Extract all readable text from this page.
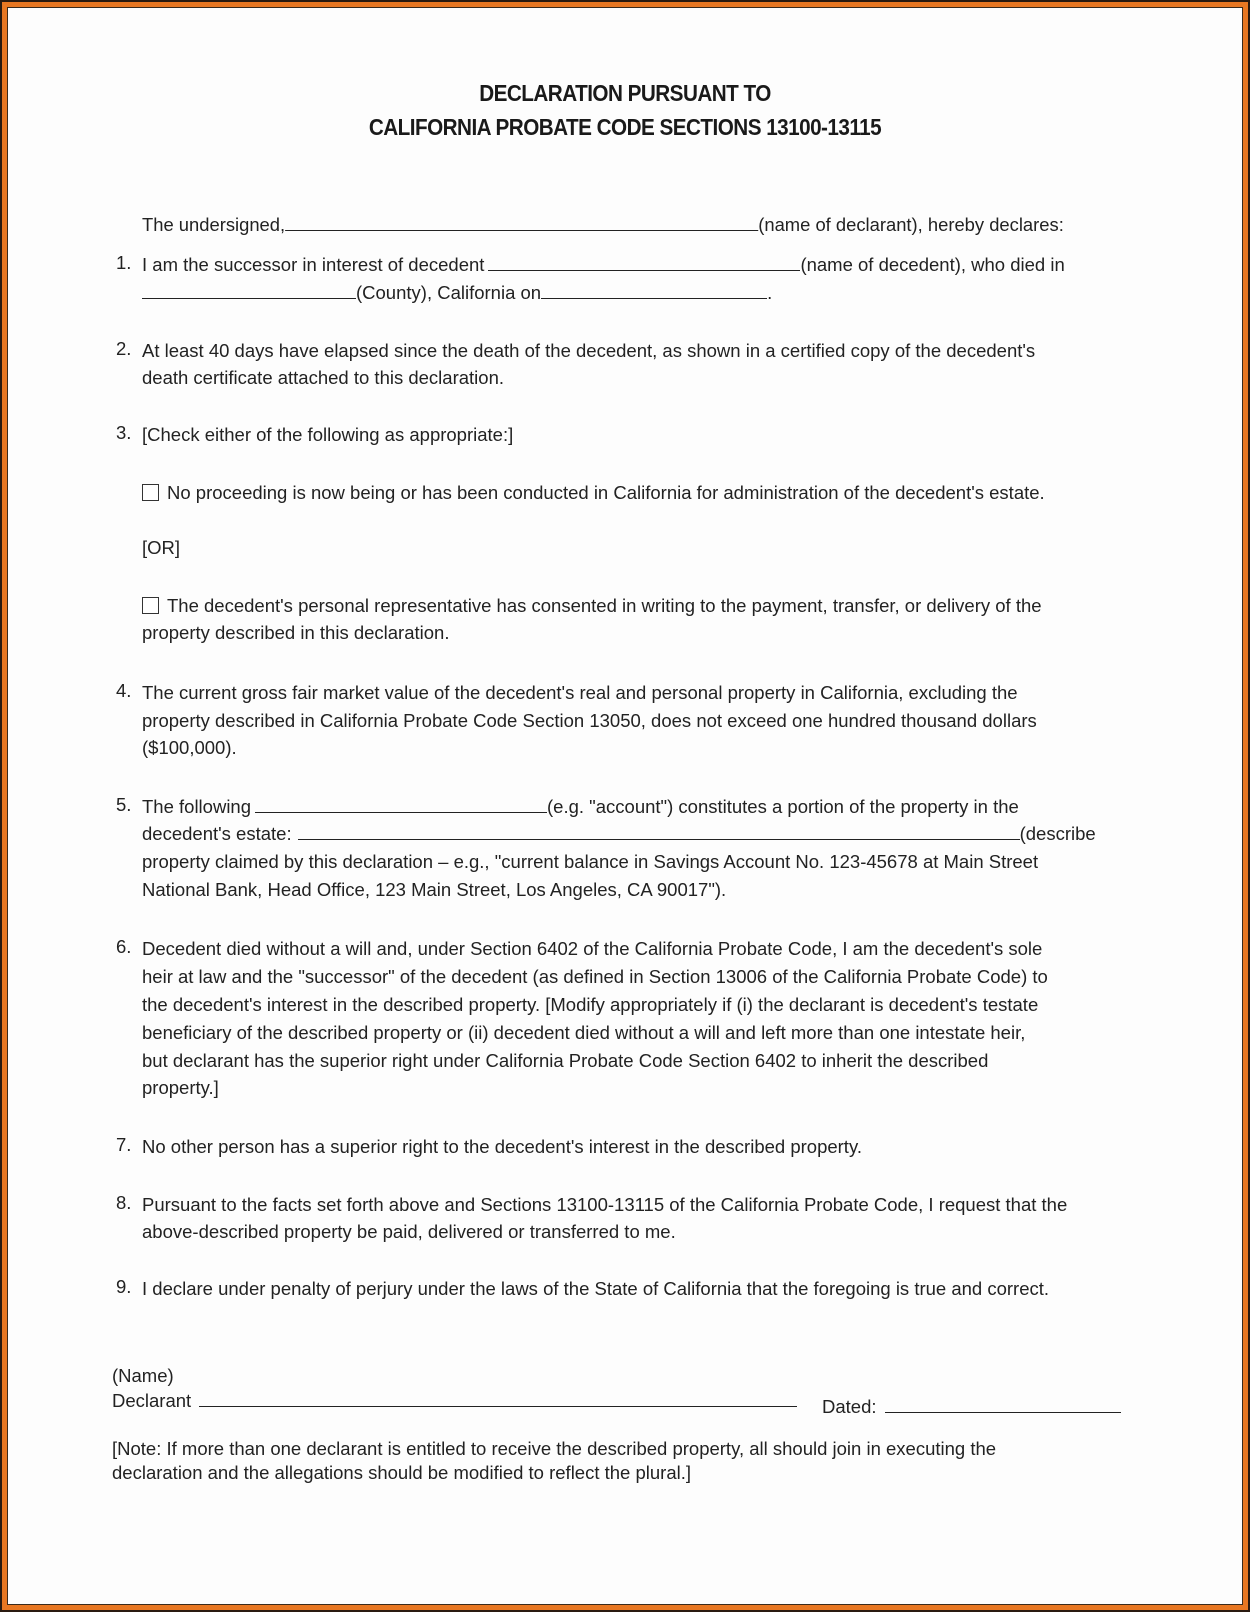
DECLARATION PURSUANT TO
CALIFORNIA PROBATE CODE SECTIONS 13100-13115
The undersigned,	(name of declarant), hereby declares:
1. I am the successor in interest of decedent	(name of decedent), who died in
(County), California on	.
2. At least 40 days have elapsed since the death of the decedent, as shown in a certified copy of the decedent's
death certificate attached to this declaration.
3. [Check either of the following as appropriate:]
No proceeding is now being or has been conducted in California for administration of the decedent's estate.
[OR]
The decedent's personal representative has consented in writing to the payment, transfer, or delivery of the
property described in this declaration.
4. The current gross fair market value of the decedent's real and personal property in California, excluding the
property described in California Probate Code Section 13050, does not exceed one hundred thousand dollars
($100,000).
5. The following	(e.g. "account") constitutes a portion of the property in the
decedent's estate:	(describe
property claimed by this declaration – e.g., "current balance in Savings Account No. 123-45678 at Main Street
National Bank, Head Office, 123 Main Street, Los Angeles, CA 90017").
6. Decedent died without a will and, under Section 6402 of the California Probate Code, I am the decedent's sole
heir at law and the "successor" of the decedent (as defined in Section 13006 of the California Probate Code) to
the decedent's interest in the described property. [Modify appropriately if (i) the declarant is decedent's testate
beneficiary of the described property or (ii) decedent died without a will and left more than one intestate heir,
but declarant has the superior right under California Probate Code Section 6402 to inherit the described
property.]
7. No other person has a superior right to the decedent's interest in the described property.
8. Pursuant to the facts set forth above and Sections 13100-13115 of the California Probate Code, I request that the
above-described property be paid, delivered or transferred to me.
9. I declare under penalty of perjury under the laws of the State of California that the foregoing is true and correct.
(Name)
Declarant	Dated:
[Note: If more than one declarant is entitled to receive the described property, all should join in executing the
declaration and the allegations should be modified to reflect the plural.]
